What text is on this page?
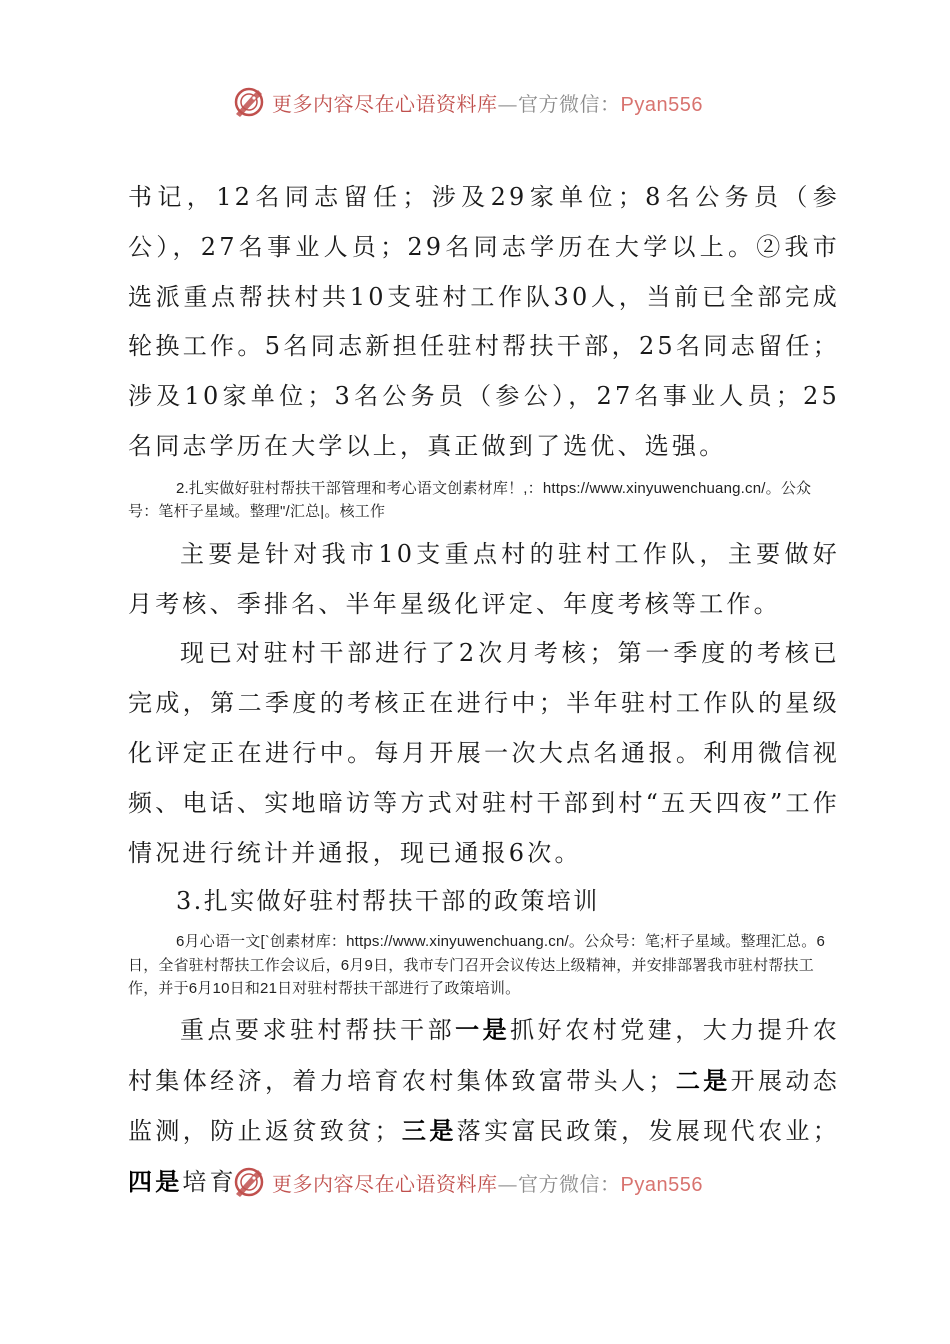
更多内容尽在心语资料库—官方微信：Pyan556

书记，12名同志留任；涉及29家单位；8名公务员（参公），27名事业人员；29名同志学历在大学以上。②我市选派重点帮扶村共10支驻村工作队30人，当前已全部完成轮换工作。5名同志新担任驻村帮扶干部，25名同志留任；涉及10家单位；3名公务员（参公），27名事业人员；25名同志学历在大学以上，真正做到了选优、选强。

2.扎实做好驻村帮扶干部管理和考心语文创素材库！,：https://www.xinyuwenchuang.cn/。公众号：笔杆子星域。整理"/汇总|。核工作

主要是针对我市10支重点村的驻村工作队，主要做好月考核、季排名、半年星级化评定、年度考核等工作。

现已对驻村干部进行了2次月考核；第一季度的考核已完成，第二季度的考核正在进行中；半年驻村工作队的星级化评定正在进行中。每月开展一次大点名通报。利用微信视频、电话、实地暗访等方式对驻村干部到村“五天四夜”工作情况进行统计并通报，现已通报6次。

3.扎实做好驻村帮扶干部的政策培训

6月心语一文[`创素材库：https://www.xinyuwenchuang.cn/。公众号：笔;杆子星域。整理汇总。6日，全省驻村帮扶工作会议后，6月9日，我市专门召开会议传达上级精神，并安排部署我市驻村帮扶工作，并于6月10日和21日对驻村帮扶干部进行了政策培训。

重点要求驻村帮扶干部一是抓好农村党建，大力提升农村集体经济，着力培育农村集体致富带头人；二是开展动态监测，防止返贫致贫；三是落实富民政策，发展现代农业；四是培育	更多内容尽在心语资料库—官方微信：Pyan556
